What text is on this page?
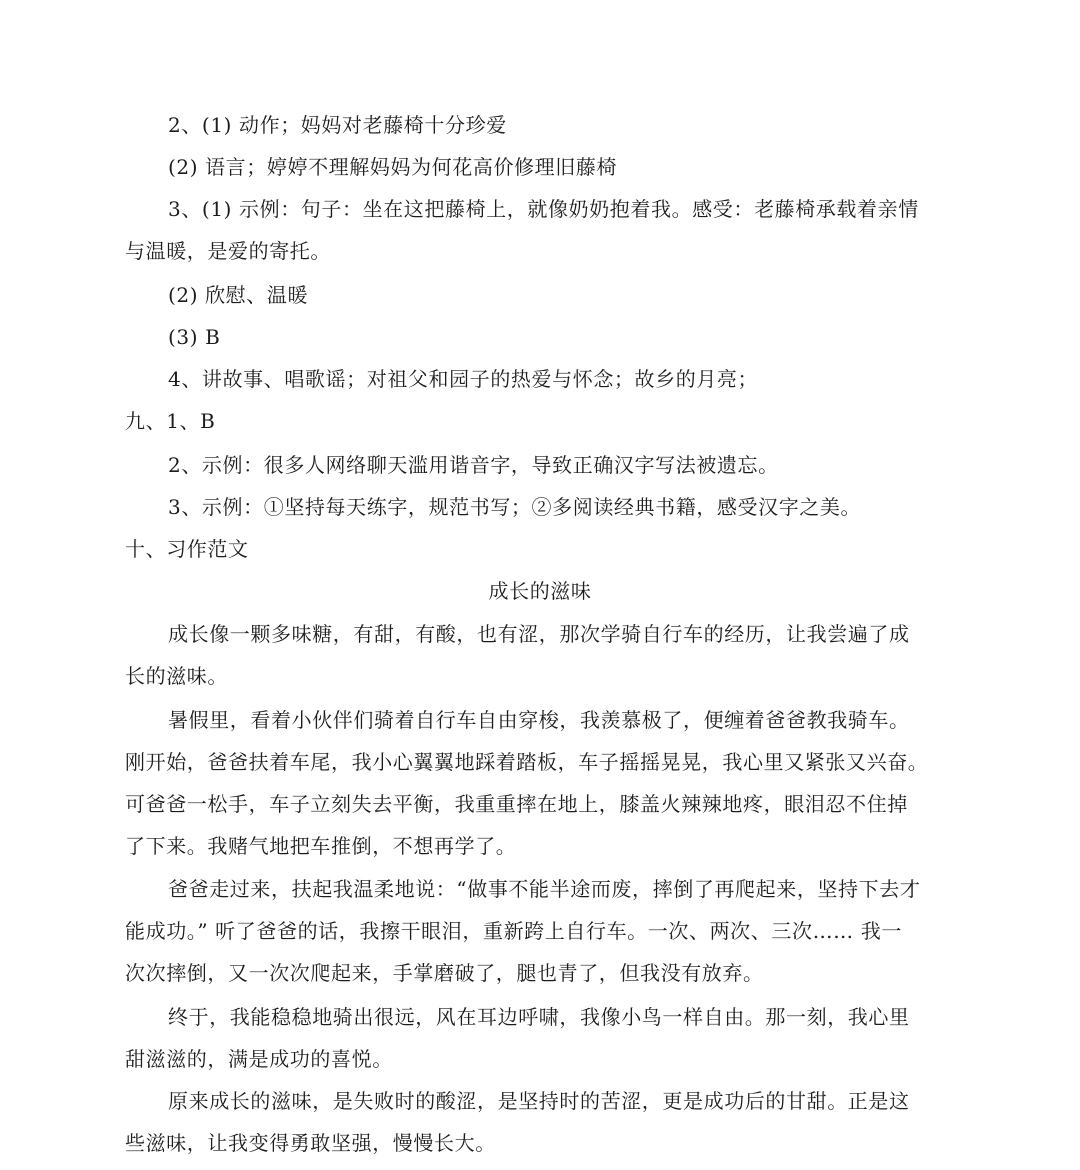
2、(1) 动作；妈妈对老藤椅十分珍爱
(2) 语言；婷婷不理解妈妈为何花高价修理旧藤椅
3、(1) 示例：句子：坐在这把藤椅上，就像奶奶抱着我。感受：老藤椅承载着亲情
与温暖，是爱的寄托。
(2) 欣慰、温暖
(3) B
4、讲故事、唱歌谣；对祖父和园子的热爱与怀念；故乡的月亮；
九、1、B
2、示例：很多人网络聊天滥用谐音字，导致正确汉字写法被遗忘。
3、示例：①坚持每天练字，规范书写；②多阅读经典书籍，感受汉字之美。
十、习作范文
成长的滋味
成长像一颗多味糖，有甜，有酸，也有涩，那次学骑自行车的经历，让我尝遍了成
长的滋味。
暑假里，看着小伙伴们骑着自行车自由穿梭，我羡慕极了，便缠着爸爸教我骑车。
刚开始，爸爸扶着车尾，我小心翼翼地踩着踏板，车子摇摇晃晃，我心里又紧张又兴奋。
可爸爸一松手，车子立刻失去平衡，我重重摔在地上，膝盖火辣辣地疼，眼泪忍不住掉
了下来。我赌气地把车推倒，不想再学了。
爸爸走过来，扶起我温柔地说：“做事不能半途而废，摔倒了再爬起来，坚持下去才
能成功。” 听了爸爸的话，我擦干眼泪，重新跨上自行车。一次、两次、三次…… 我一
次次摔倒，又一次次爬起来，手掌磨破了，腿也青了，但我没有放弃。
终于，我能稳稳地骑出很远，风在耳边呼啸，我像小鸟一样自由。那一刻，我心里
甜滋滋的，满是成功的喜悦。
原来成长的滋味，是失败时的酸涩，是坚持时的苦涩，更是成功后的甘甜。正是这
些滋味，让我变得勇敢坚强，慢慢长大。
